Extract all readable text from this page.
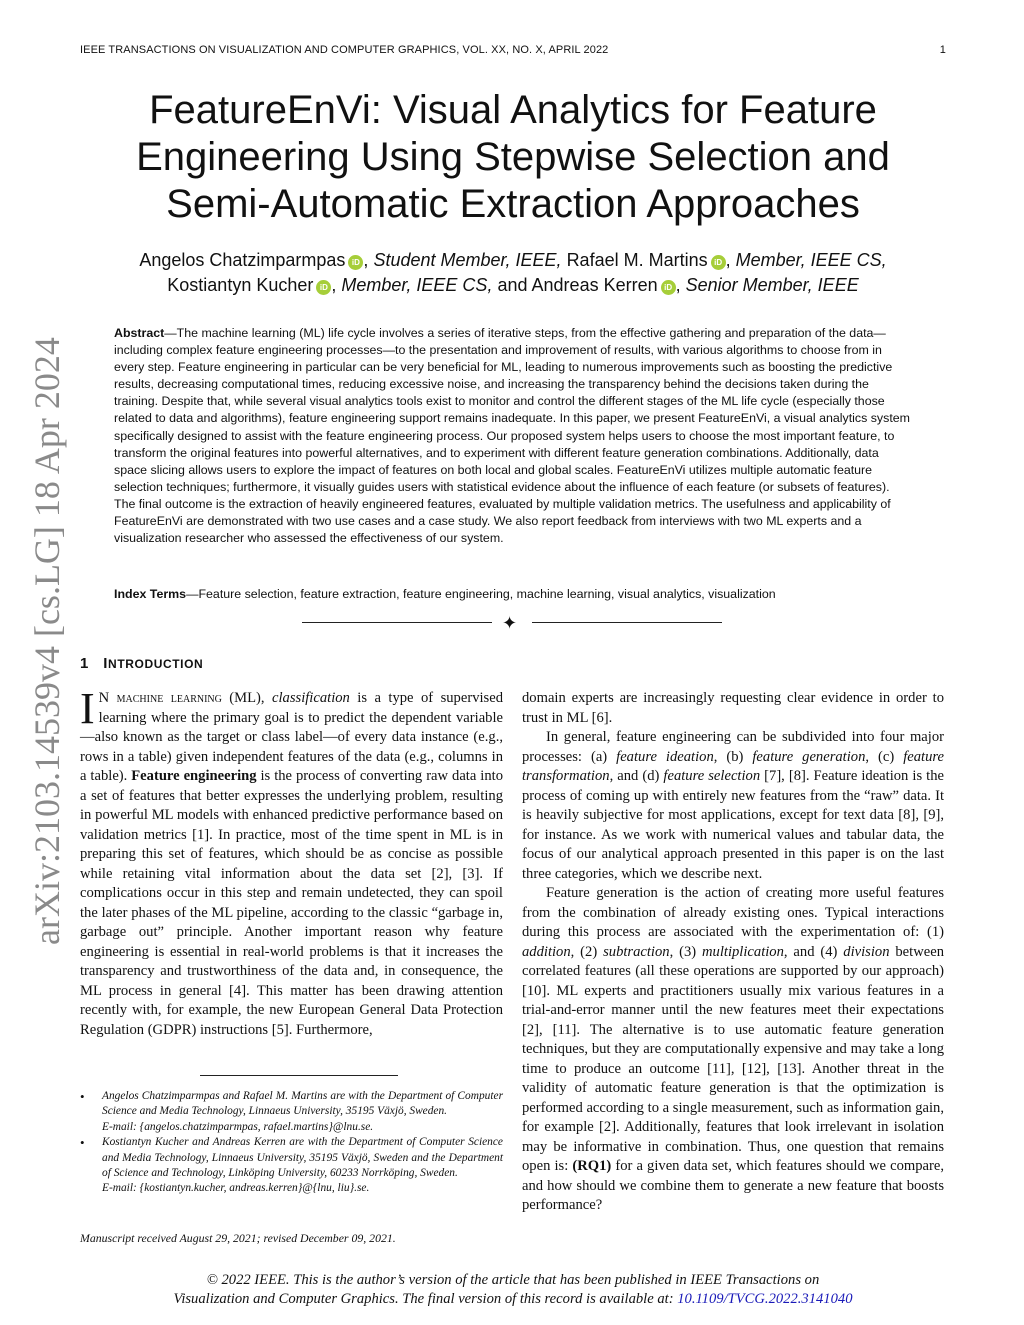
IEEE TRANSACTIONS ON VISUALIZATION AND COMPUTER GRAPHICS, VOL. XX, NO. X, APRIL 2022	1
arXiv:2103.14539v4 [cs.LG] 18 Apr 2024
FeatureEnVi: Visual Analytics for Feature
Engineering Using Stepwise Selection and
Semi-Automatic Extraction Approaches
Angelos Chatzimparmpas iD , Student Member, IEEE, Rafael M. Martins iD , Member, IEEE CS,
Kostiantyn Kucher iD , Member, IEEE CS, and Andreas Kerren iD , Senior Member, IEEE

Abstract—The machine learning (ML) life cycle involves a series of iterative steps, from the effective gathering and preparation of the data—including complex feature engineering processes—to the presentation and improvement of results, with various algorithms to choose from in every step. Feature engineering in particular can be very beneficial for ML, leading to numerous improvements such as boosting the predictive results, decreasing computational times, reducing excessive noise, and increasing the transparency behind the decisions taken during the training. Despite that, while several visual analytics tools exist to monitor and control the different stages of the ML life cycle (especially those related to data and algorithms), feature engineering support remains inadequate. In this paper, we present FeatureEnVi, a visual analytics system specifically designed to assist with the feature engineering process. Our proposed system helps users to choose the most important feature, to transform the original features into powerful alternatives, and to experiment with different feature generation combinations. Additionally, data space slicing allows users to explore the impact of features on both local and global scales. FeatureEnVi utilizes multiple automatic feature selection techniques; furthermore, it visually guides users with statistical evidence about the influence of each feature (or subsets of features). The final outcome is the extraction of heavily engineered features, evaluated by multiple validation metrics. The usefulness and applicability of FeatureEnVi are demonstrated with two use cases and a case study. We also report feedback from interviews with two ML experts and a visualization researcher who assessed the effectiveness of our system.

Index Terms—Feature selection, feature extraction, feature engineering, machine learning, visual analytics, visualization

✦
1 INTRODUCTION

I N machine learning (ML), classification is a type of supervised learning where the primary goal is to predict the dependent variable—also known as the target or class label—of every data instance (e.g., rows in a table) given independent features of the data (e.g., columns in a table). Feature engineering is the process of converting raw data into a set of features that better expresses the underlying problem, resulting in powerful ML models with enhanced predictive performance based on validation metrics [1]. In practice, most of the time spent in ML is in preparing this set of features, which should be as concise as possible while retaining vital information about the data set [2], [3]. If complications occur in this step and remain undetected, they can spoil the later phases of the ML pipeline, according to the classic “garbage in, garbage out” principle. Another important reason why feature engineering is essential in real-world problems is that it increases the transparency and trustworthiness of the data and, in consequence, the ML process in general [4]. This matter has been drawing attention recently with, for example, the new European General Data Protection Regulation (GDPR) instructions [5]. Furthermore,

domain experts are increasingly requesting clear evidence in order to trust in ML [6].

In general, feature engineering can be subdivided into four major processes: (a) feature ideation, (b) feature generation, (c) feature transformation, and (d) feature selection [7], [8]. Feature ideation is the process of coming up with entirely new features from the “raw” data. It is heavily subjective for most applications, except for text data [8], [9], for instance. As we work with numerical values and tabular data, the focus of our analytical approach presented in this paper is on the last three categories, which we describe next.

Feature generation is the action of creating more useful features from the combination of already existing ones. Typical interactions during this process are associated with the experimentation of: (1) addition, (2) subtraction, (3) multiplication, and (4) division between correlated features (all these operations are supported by our approach) [10]. ML experts and practitioners usually mix various features in a trial-and-error manner until the new features meet their expectations [2], [11]. The alternative is to use automatic feature generation techniques, but they are computationally expensive and may take a long time to produce an outcome [11], [12], [13]. Another threat in the validity of automatic feature generation is that the optimization is performed according to a single measurement, such as information gain, for example [2]. Additionally, features that look irrelevant in isolation may be informative in combination. Thus, one question that remains open is: (RQ1) for a given data set, which features should we compare, and how should we combine them to generate a new feature that boosts performance?

• Angelos Chatzimparmpas and Rafael M. Martins are with the Department of Computer Science and Media Technology, Linnaeus University, 35195 Växjö, Sweden.
E-mail: {angelos.chatzimparmpas, rafael.martins}@lnu.se.
• Kostiantyn Kucher and Andreas Kerren are with the Department of Computer Science and Media Technology, Linnaeus University, 35195 Växjö, Sweden and the Department of Science and Technology, Linköping University, 60233 Norrköping, Sweden.
E-mail: {kostiantyn.kucher, andreas.kerren}@{lnu, liu}.se.
Manuscript received August 29, 2021; revised December 09, 2021.
© 2022 IEEE. This is the author’s version of the article that has been published in IEEE Transactions on
Visualization and Computer Graphics. The final version of this record is available at: 10.1109/TVCG.2022.3141040
